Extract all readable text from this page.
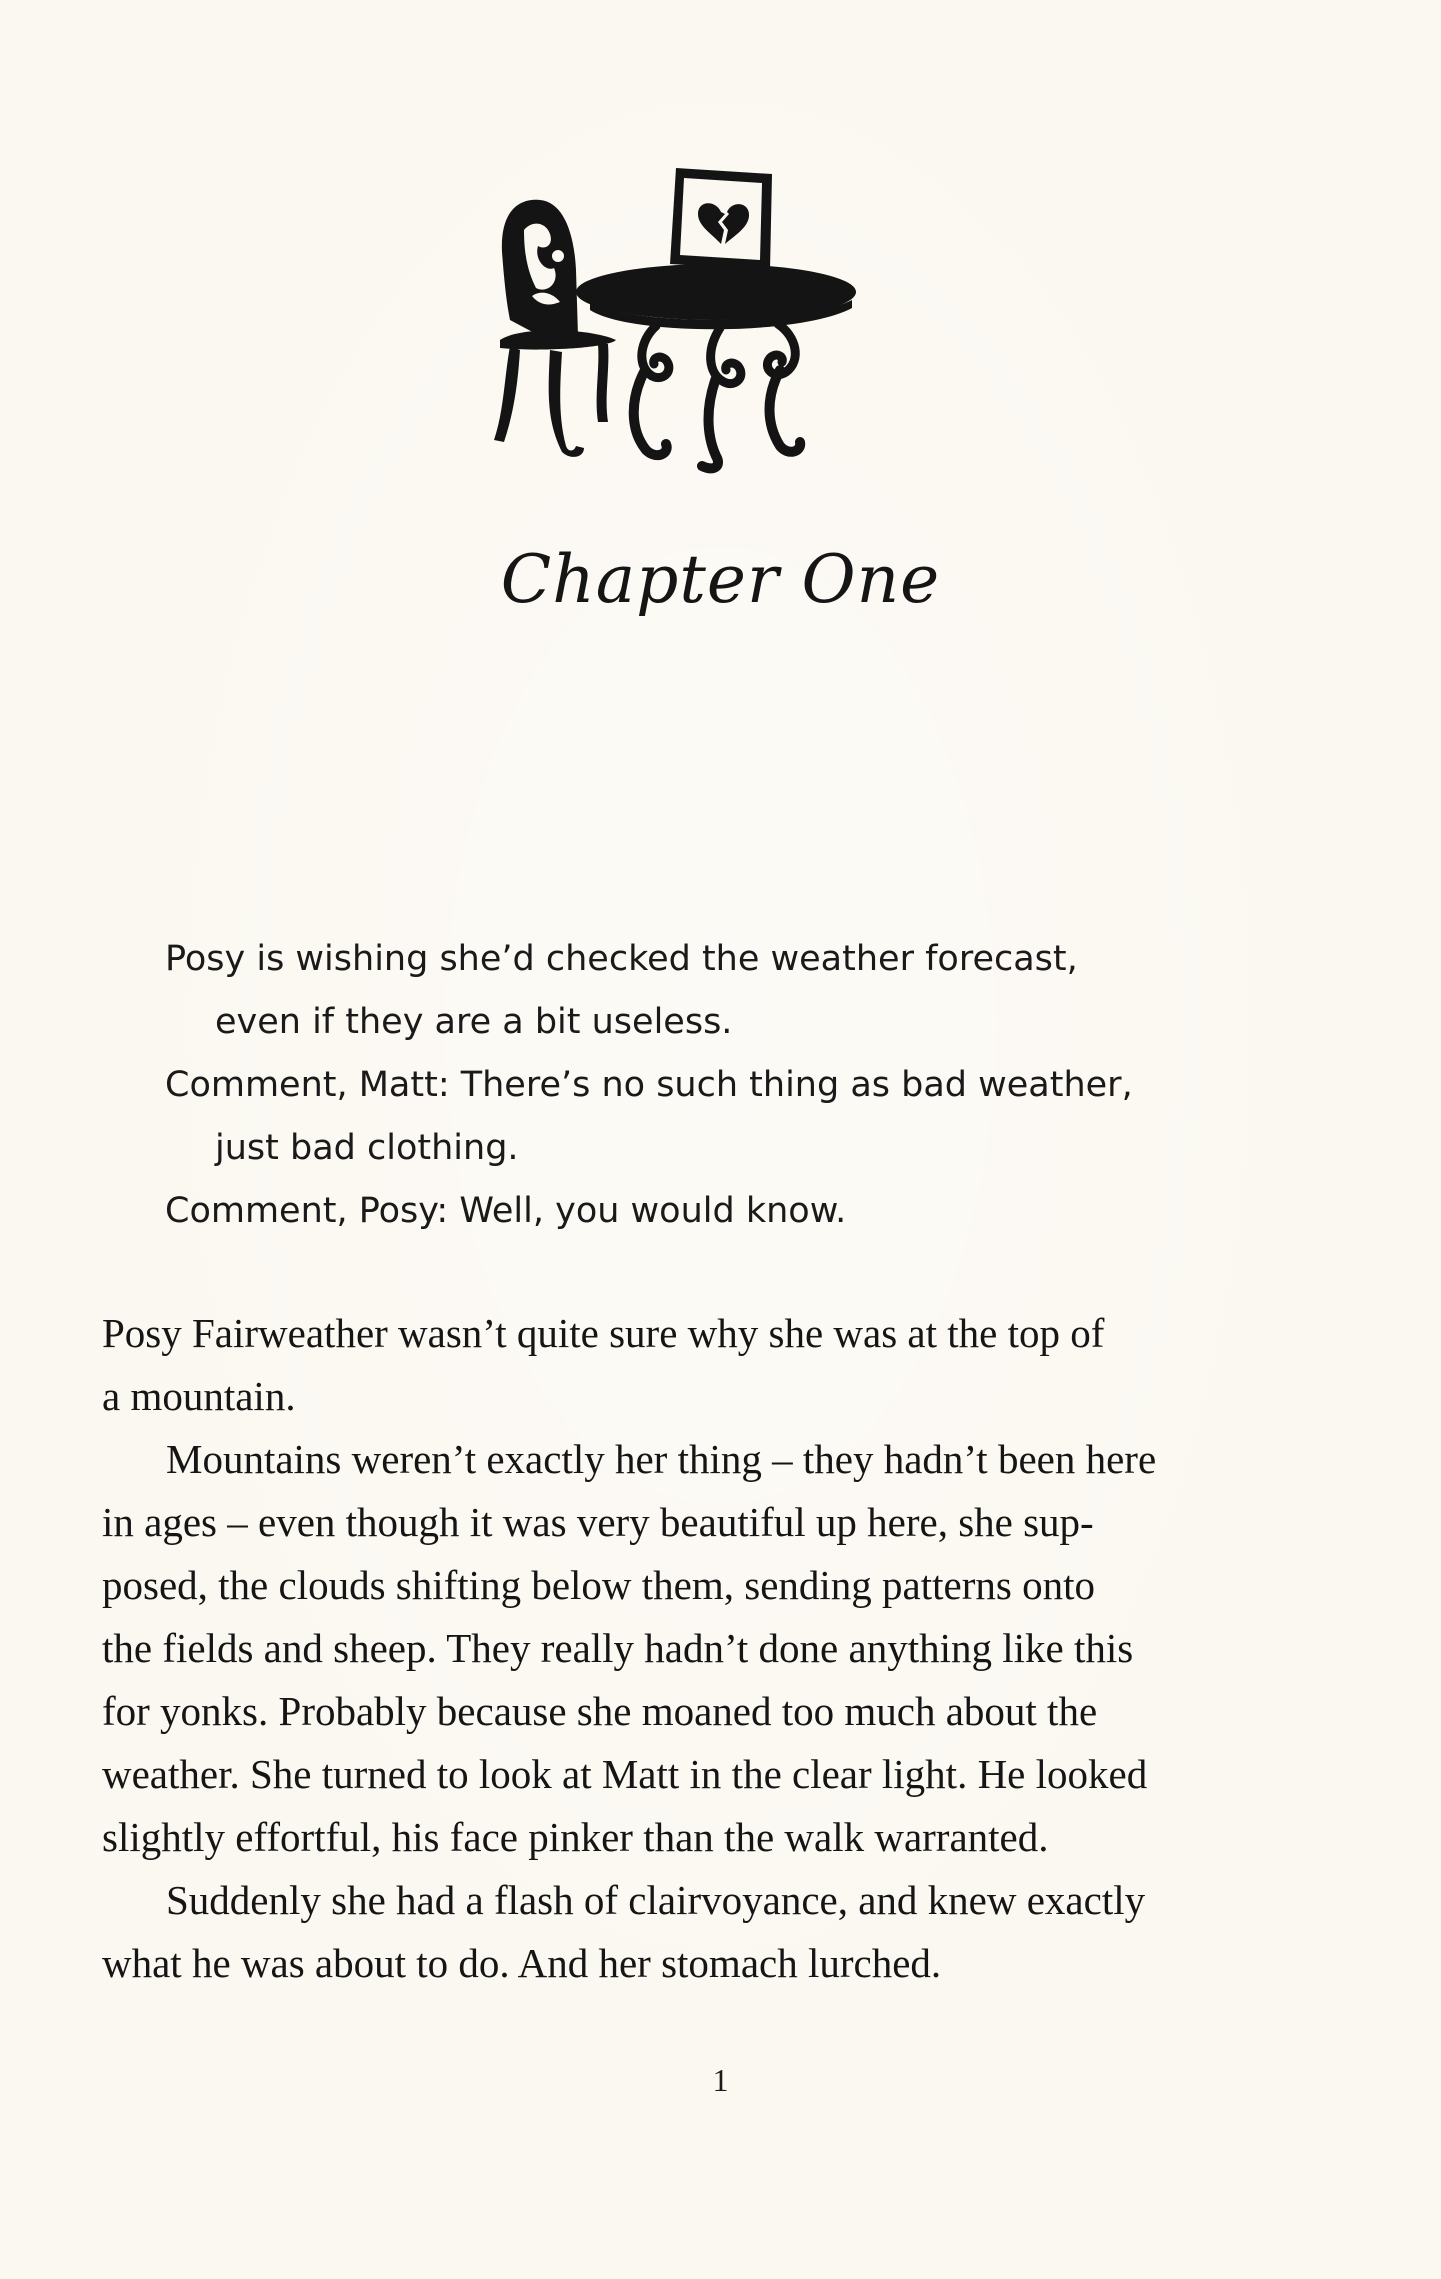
Chapter One
Posy is wishing she’d checked the weather forecast,
even if they are a bit useless.
Comment, Matt: There’s no such thing as bad weather,
just bad clothing.
Comment, Posy: Well, you would know.
Posy Fairweather wasn’t quite sure why she was at the top of
a mountain.
Mountains weren’t exactly her thing – they hadn’t been here
in ages – even though it was very beautiful up here, she sup-
posed, the clouds shifting below them, sending patterns onto
the fields and sheep. They really hadn’t done anything like this
for yonks. Probably because she moaned too much about the
weather. She turned to look at Matt in the clear light. He looked
slightly effortful, his face pinker than the walk warranted.
Suddenly she had a flash of clairvoyance, and knew exactly
what he was about to do. And her stomach lurched.
1
